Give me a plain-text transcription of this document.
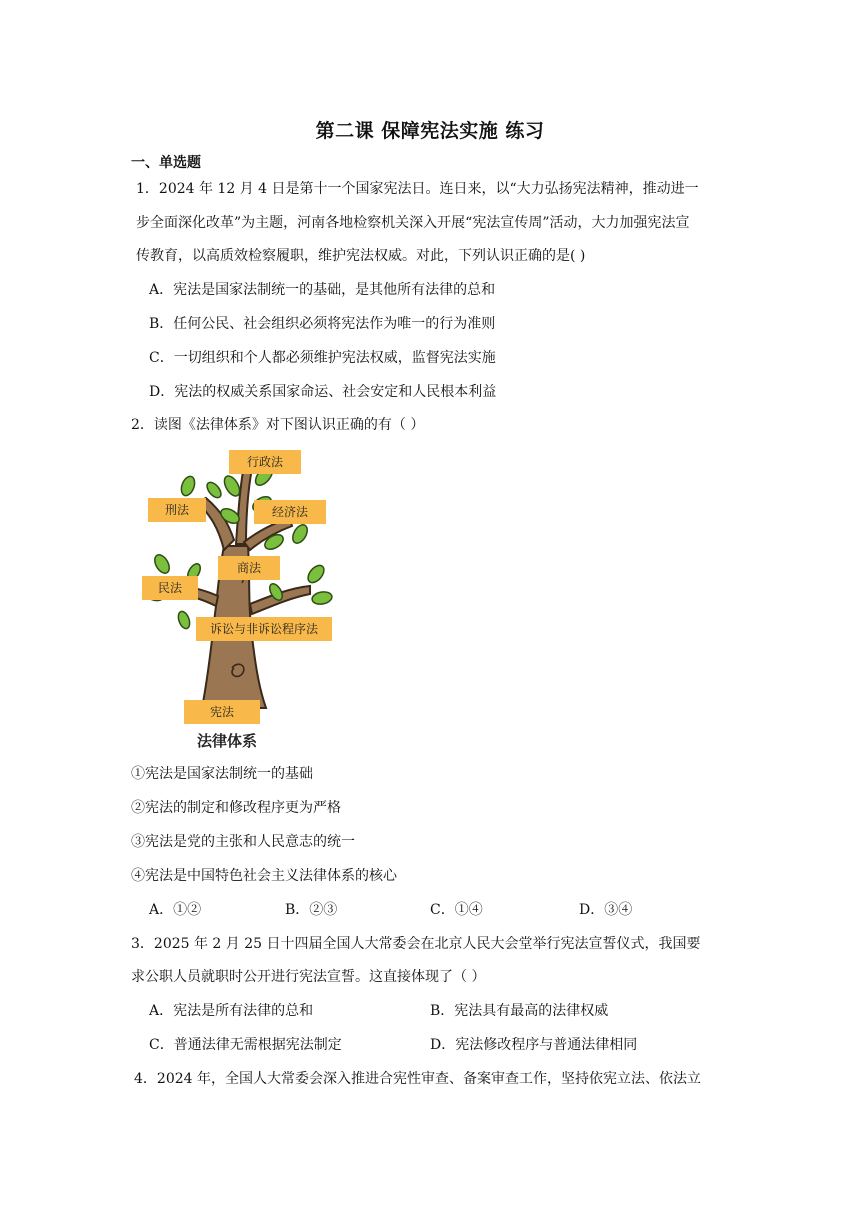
第二课 保障宪法实施 练习
一、单选题
1．2024 年 12 月 4 日是第十一个国家宪法日。连日来，以“大力弘扬宪法精神，推动进一
步全面深化改革”为主题，河南各地检察机关深入开展“宪法宣传周”活动，大力加强宪法宣
传教育，以高质效检察履职，维护宪法权威。对此，下列认识正确的是( )
A．宪法是国家法制统一的基础，是其他所有法律的总和
B．任何公民、社会组织必须将宪法作为唯一的行为准则
C．一切组织和个人都必须维护宪法权威，监督宪法实施
D．宪法的权威关系国家命运、社会安定和人民根本利益
2．读图《法律体系》对下图认识正确的有（ ）
行政法
刑法	经济法
商法
民法
诉讼与非诉讼程序法
宪法
法律体系
①宪法是国家法制统一的基础
②宪法的制定和修改程序更为严格
③宪法是党的主张和人民意志的统一
④宪法是中国特色社会主义法律体系的核心
A．①②	B．②③	C．①④	D．③④
3．2025 年 2 月 25 日十四届全国人大常委会在北京人民大会堂举行宪法宣誓仪式，我国要
求公职人员就职时公开进行宪法宣誓。这直接体现了（ ）
A．宪法是所有法律的总和	B．宪法具有最高的法律权威
C．普通法律无需根据宪法制定	D．宪法修改程序与普通法律相同
4．2024 年，全国人大常委会深入推进合宪性审查、备案审查工作，坚持依宪立法、依法立
